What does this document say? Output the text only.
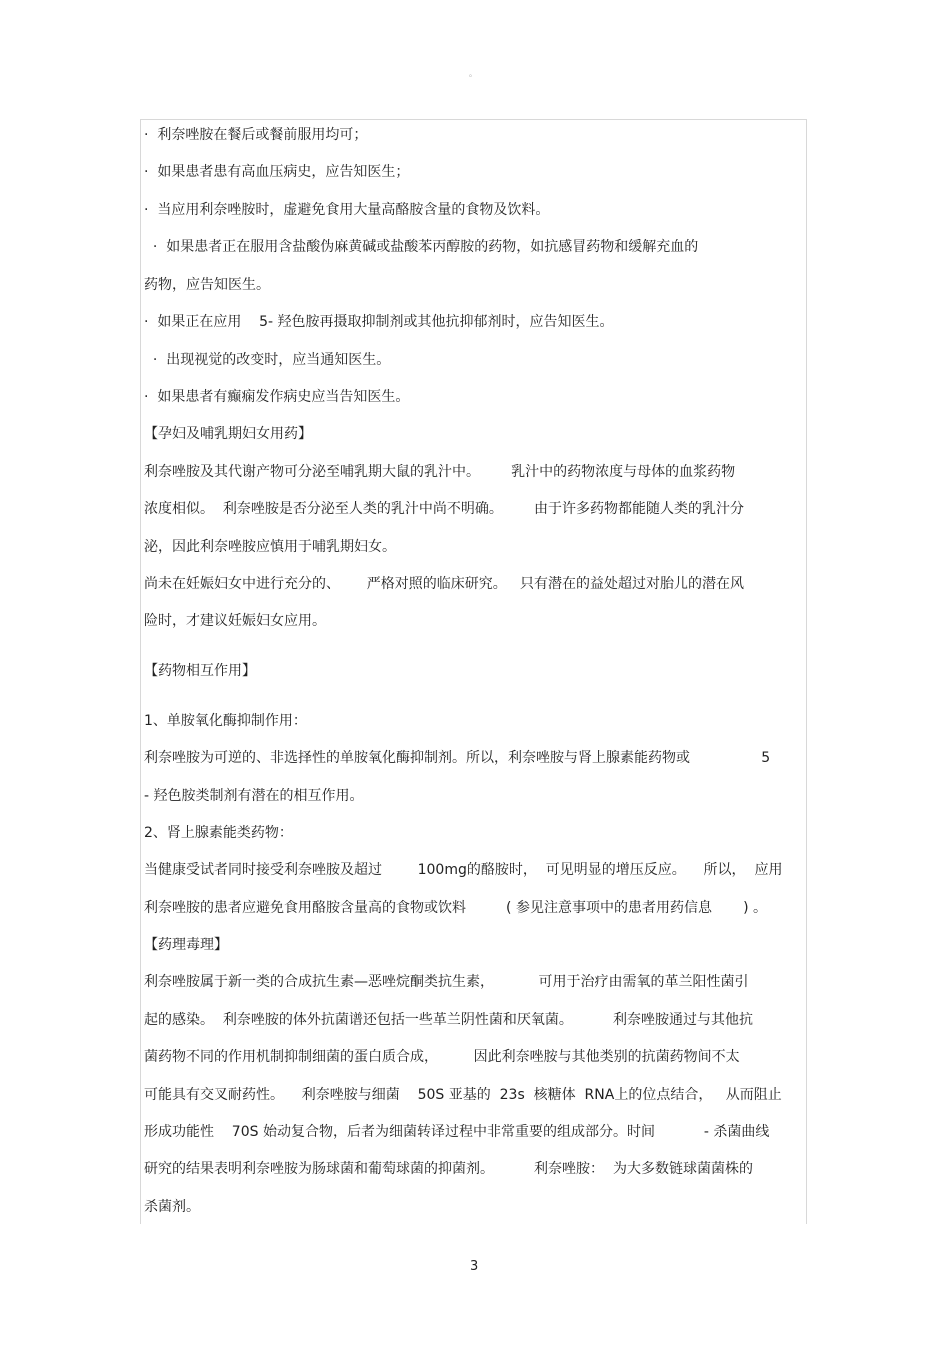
。
·  利奈唑胺在餐后或餐前服用均可；
·  如果患者患有高血压病史，应告知医生；
·  当应用利奈唑胺时，虚避免食用大量高酪胺含量的食物及饮料。
·  如果患者正在服用含盐酸伪麻黄碱或盐酸苯丙醇胺的药物，如抗感冒药物和缓解充血的
药物，应告知医生。
·  如果正在应用    5- 羟色胺再摄取抑制剂或其他抗抑郁剂时，应告知医生。
·  出现视觉的改变时，应当通知医生。
·  如果患者有癫痫发作病史应当告知医生。
【孕妇及哺乳期妇女用药】
利奈唑胺及其代谢产物可分泌至哺乳期大鼠的乳汁中。       乳汁中的药物浓度与母体的血浆药物
浓度相似。  利奈唑胺是否分泌至人类的乳汁中尚不明确。       由于许多药物都能随人类的乳汁分
泌，因此利奈唑胺应慎用于哺乳期妇女。
尚未在妊娠妇女中进行充分的、      严格对照的临床研究。   只有潜在的益处超过对胎儿的潜在风
险时，才建议妊娠妇女应用。
【药物相互作用】
1、单胺氧化酶抑制作用：
利奈唑胺为可逆的、非选择性的单胺氧化酶抑制剂。所以，利奈唑胺与肾上腺素能药物或                5
- 羟色胺类制剂有潜在的相互作用。
2、肾上腺素能类药物：
当健康受试者同时接受利奈唑胺及超过        100mg的酪胺时，  可见明显的增压反应。    所以，  应用
利奈唑胺的患者应避免食用酪胺含量高的食物或饮料         ( 参见注意事项中的患者用药信息       ) 。
【药理毒理】
利奈唑胺属于新一类的合成抗生素—恶唑烷酮类抗生素，          可用于治疗由需氧的革兰阳性菌引
起的感染。  利奈唑胺的体外抗菌谱还包括一些革兰阴性菌和厌氧菌。         利奈唑胺通过与其他抗
菌药物不同的作用机制抑制细菌的蛋白质合成，        因此利奈唑胺与其他类别的抗菌药物间不太
可能具有交叉耐药性。    利奈唑胺与细菌    50S 亚基的  23s  核糖体  RNA上的位点结合，   从而阻止
形成功能性    70S 始动复合物，后者为细菌转译过程中非常重要的组成部分。时间           - 杀菌曲线
研究的结果表明利奈唑胺为肠球菌和葡萄球菌的抑菌剂。         利奈唑胺：  为大多数链球菌菌株的
杀菌剂。
3
